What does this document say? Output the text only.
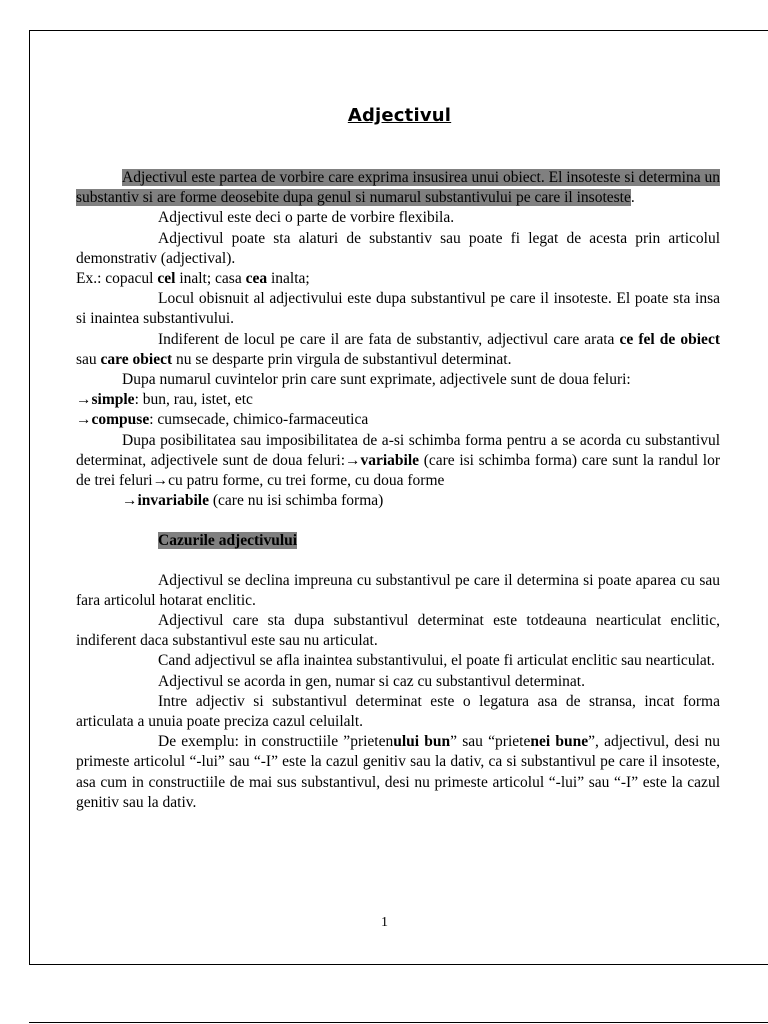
Adjectivul

Adjectivul este partea de vorbire care exprima insusirea unui obiect. El insoteste si determina un substantiv si are forme deosebite dupa genul si numarul substantivului pe care il insoteste.

Adjectivul este deci o parte de vorbire flexibila.

Adjectivul poate sta alaturi de substantiv sau poate fi legat de acesta prin articolul demonstrativ (adjectival).

Ex.: copacul cel inalt; casa cea inalta;

Locul obisnuit al adjectivului este dupa substantivul pe care il insoteste. El poate sta insa si inaintea substantivului.

Indiferent de locul pe care il are fata de substantiv, adjectivul care arata ce fel de obiect sau care obiect nu se desparte prin virgula de substantivul determinat.

Dupa numarul cuvintelor prin care sunt exprimate, adjectivele sunt de doua feluri:

→simple: bun, rau, istet, etc

→compuse: cumsecade, chimico-farmaceutica

Dupa posibilitatea sau imposibilitatea de a-si schimba forma pentru a se acorda cu substantivul determinat, adjectivele sunt de doua feluri:→variabile (care isi schimba forma) care sunt la randul lor de trei feluri→cu patru forme, cu trei forme, cu doua forme

→invariabile (care nu isi schimba forma)

Cazurile adjectivului

Adjectivul se declina impreuna cu substantivul pe care il determina si poate aparea cu sau fara articolul hotarat enclitic.

Adjectivul care sta dupa substantivul determinat este totdeauna nearticulat enclitic, indiferent daca substantivul este sau nu articulat.

Cand adjectivul se afla inaintea substantivului, el poate fi articulat enclitic sau nearticulat.

Adjectivul se acorda in gen, numar si caz cu substantivul determinat.

Intre adjectiv si substantivul determinat este o legatura asa de stransa, incat forma articulata a unuia poate preciza cazul celuilalt.

De exemplu: in constructiile ”prietenului bun” sau “prietenei bune”, adjectivul, desi nu primeste articolul “-lui” sau “-I” este la cazul genitiv sau la dativ, ca si substantivul pe care il insoteste, asa cum in constructiile de mai sus substantivul, desi nu primeste articolul “-lui” sau “-I” este la cazul genitiv sau la dativ.

1
